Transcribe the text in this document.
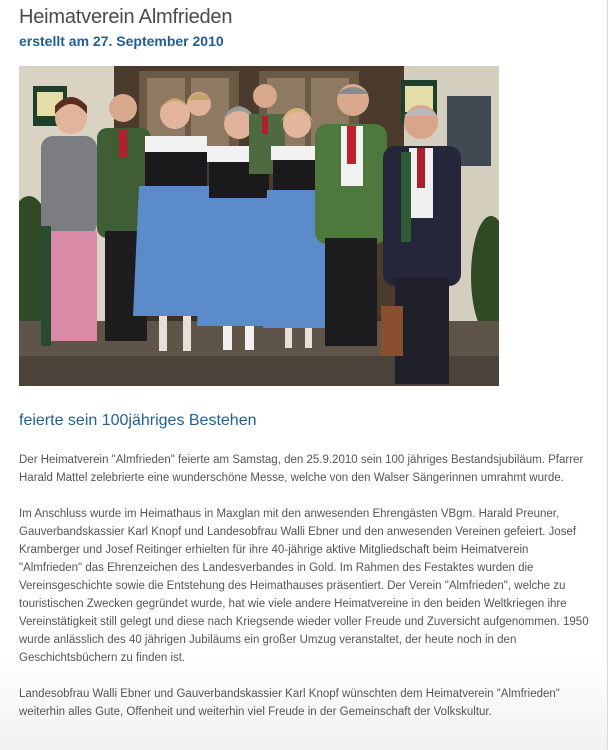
Heimatverein Almfrieden
erstellt am 27. September 2010
feierte sein 100jähriges Bestehen

Der Heimatverein "Almfrieden" feierte am Samstag, den 25.9.2010 sein 100 jähriges Bestandsjubiläum. Pfarrer Harald Mattel zelebrierte eine wunderschöne Messe, welche von den Walser Sängerinnen umrahmt wurde.

Im Anschluss wurde im Heimathaus in Maxglan mit den anwesenden Ehrengästen VBgm. Harald Preuner, Gauverbandskassier Karl Knopf und Landesobfrau Walli Ebner und den anwesenden Vereinen gefeiert. Josef Kramberger und Josef Reitinger erhielten für ihre 40-jährige aktive Mitgliedschaft beim Heimatverein "Almfrieden" das Ehrenzeichen des Landesverbandes in Gold. Im Rahmen des Festaktes wurden die Vereinsgeschichte sowie die Entstehung des Heimathauses präsentiert. Der Verein "Almfrieden", welche zu touristischen Zwecken gegründet wurde, hat wie viele andere Heimatvereine in den beiden Weltkriegen ihre Vereinstätigkeit still gelegt und diese nach Kriegsende wieder voller Freude und Zuversicht aufgenommen. 1950 wurde anlässlich des 40 jährigen Jubiläums ein großer Umzug veranstaltet, der heute noch in den Geschichtsbüchern zu finden ist.

Landesobfrau Walli Ebner und Gauverbandskassier Karl Knopf wünschten dem Heimatverein "Almfrieden" weiterhin alles Gute, Offenheit und weiterhin viel Freude in der Gemeinschaft der Volkskultur.
